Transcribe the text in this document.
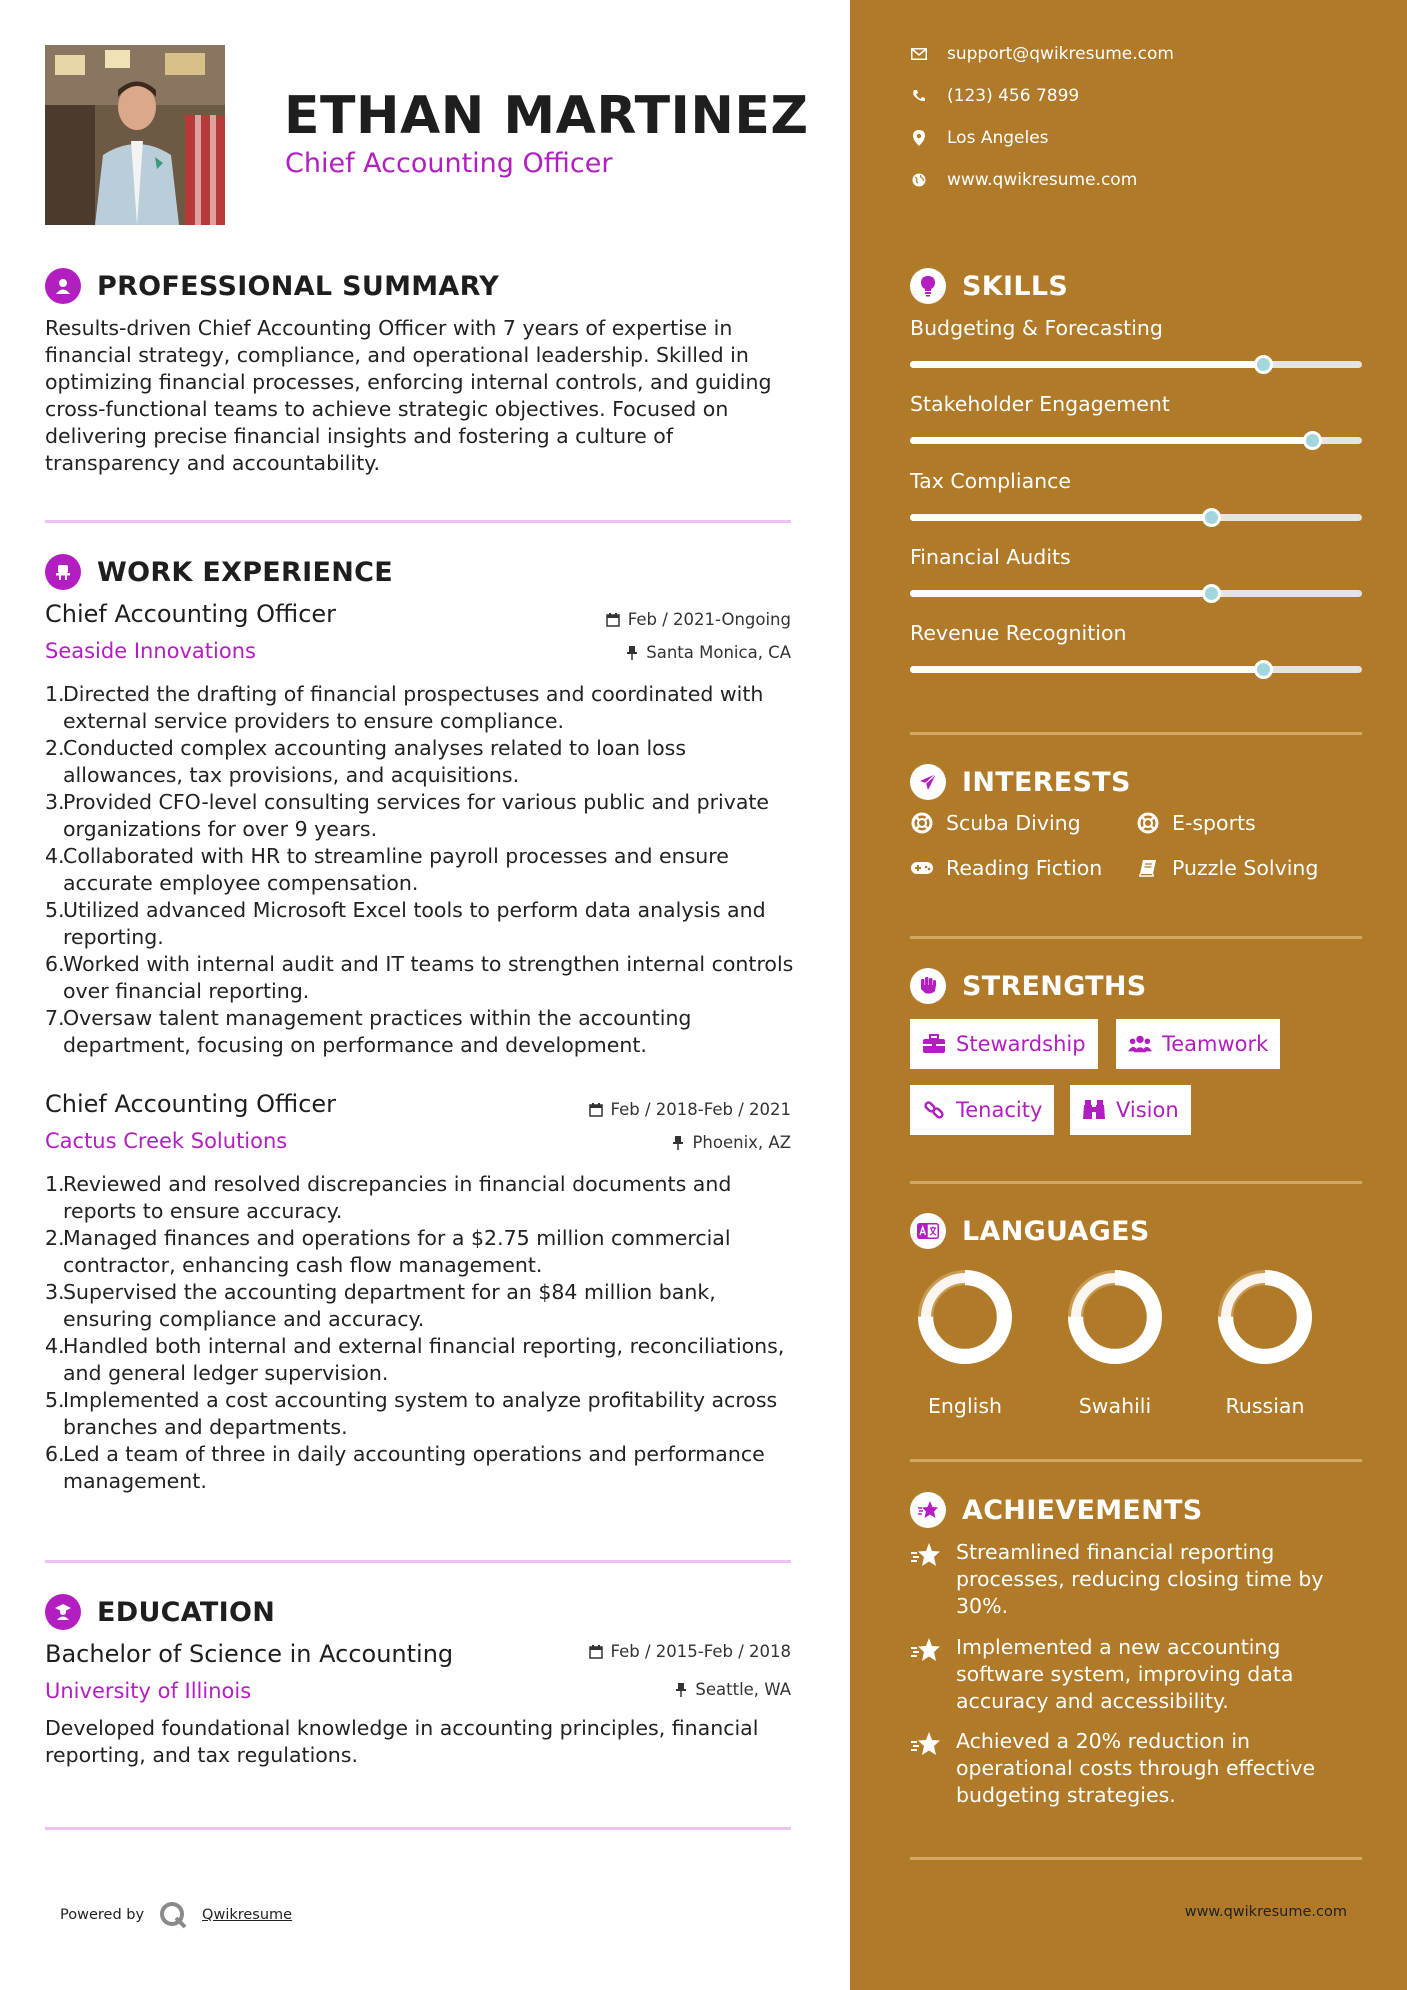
ETHAN MARTINEZ
Chief Accounting Officer
PROFESSIONAL SUMMARY
Results-driven Chief Accounting Officer with 7 years of expertise in financial strategy, compliance, and operational leadership. Skilled in optimizing financial processes, enforcing internal controls, and guiding cross-functional teams to achieve strategic objectives. Focused on delivering precise financial insights and fostering a culture of transparency and accountability.
WORK EXPERIENCE
Chief Accounting Officer	Feb / 2021-Ongoing
Seaside Innovations	Santa Monica, CA
1.
Directed the drafting of financial prospectuses and coordinated with external service providers to ensure compliance.
2.
Conducted complex accounting analyses related to loan loss allowances, tax provisions, and acquisitions.
3.
Provided CFO-level consulting services for various public and private organizations for over 9 years.
4.
Collaborated with HR to streamline payroll processes and ensure accurate employee compensation.
5.
Utilized advanced Microsoft Excel tools to perform data analysis and reporting.
6.
Worked with internal audit and IT teams to strengthen internal controls over financial reporting.
7.
Oversaw talent management practices within the accounting department, focusing on performance and development.
Chief Accounting Officer	Feb / 2018-Feb / 2021
Cactus Creek Solutions	Phoenix, AZ
1.
Reviewed and resolved discrepancies in financial documents and reports to ensure accuracy.
2.
Managed finances and operations for a $2.75 million commercial contractor, enhancing cash flow management.
3.
Supervised the accounting department for an $84 million bank, ensuring compliance and accuracy.
4.
Handled both internal and external financial reporting, reconciliations, and general ledger supervision.
5.
Implemented a cost accounting system to analyze profitability across branches and departments.
6.
Led a team of three in daily accounting operations and performance management.
EDUCATION
Bachelor of Science in Accounting	Feb / 2015-Feb / 2018
University of Illinois	Seattle, WA
Developed foundational knowledge in accounting principles, financial reporting, and tax regulations.
Powered by	Qwikresume
support@qwikresume.com
(123) 456 7899
Los Angeles
www.qwikresume.com
SKILLS
Budgeting & Forecasting
Stakeholder Engagement
Tax Compliance
Financial Audits
Revenue Recognition
INTERESTS
Scuba Diving	E-sports
Reading Fiction	Puzzle Solving
STRENGTHS
Stewardship	Teamwork
Tenacity	Vision
LANGUAGES
English	Swahili	Russian
ACHIEVEMENTS
Streamlined financial reporting processes, reducing closing time by 30%.
Implemented a new accounting software system, improving data accuracy and accessibility.
Achieved a 20% reduction in operational costs through effective budgeting strategies.
www.qwikresume.com
